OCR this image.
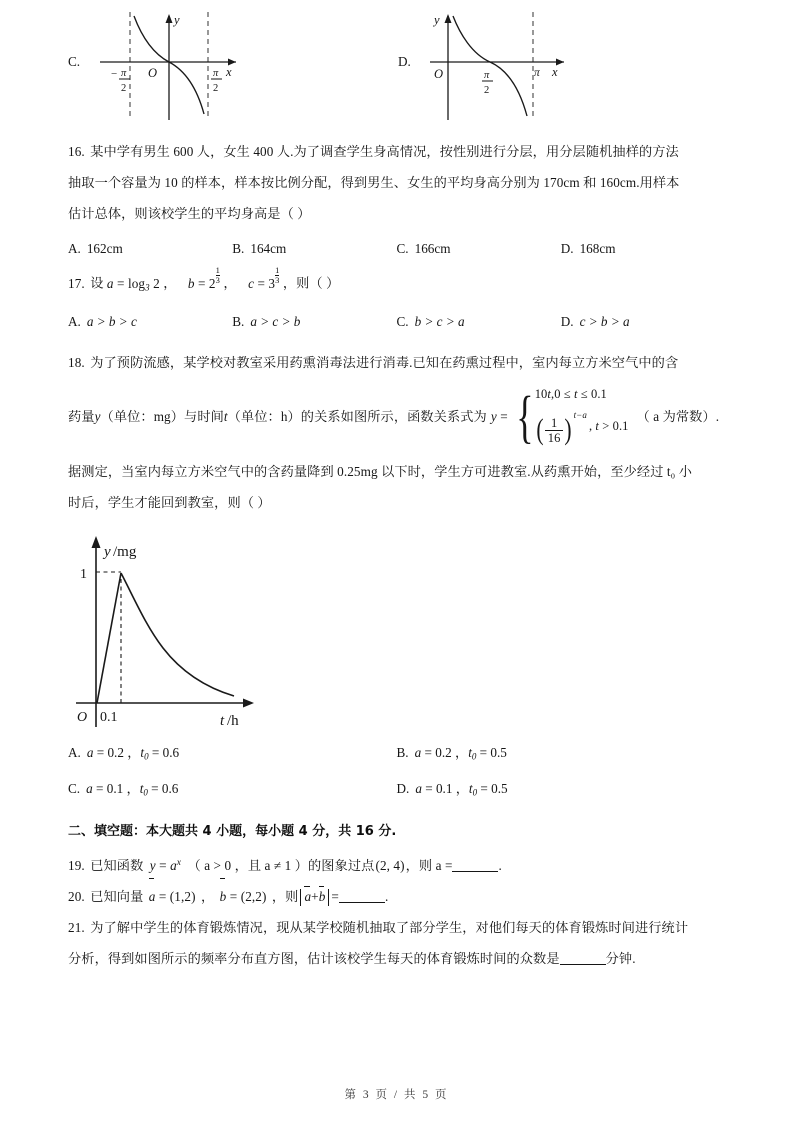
C.
y
x
O
− π
2
π
2
D.
y
x
O	π
2
π
16. 某中学有男生 600 人，女生 400 人.为了调查学生身高情况，按性别进行分层，用分层随机抽样的方法
抽取一个容量为 10 的样本，样本按比例分配，得到男生、女生的平均身高分别为 170cm 和 160cm.用样本
估计总体，则该校学生的平均身高是（ ）
A. 162cm	B. 164cm	C. 166cm	D. 168cm
17. 设 a = log3 2 ， $b = 2 \frac{1}{3}$ ， $c = 3 \frac{1}{3}$ ，则（ ）
A. a > b > c	B. a > c > b	C. b > c > a	D. c > b > a
18. 为了预防流感，某学校对教室采用药熏消毒法进行消毒.已知在药熏过程中，室内每立方米空气中的含
药量 y （单位：mg）与时间 t （单位：h）的关系如图所示，函数关系式为 y = { 10t,0 ≤ t ≤ 0.1
( $\frac{1}{16} )^{t-a}$, t > 0.1
（ a 为常数）.
据测定，当室内每立方米空气中的含药量降到 0.25mg 以下时，学生方可进教室.从药熏开始，至少经过 t₀ 小
时后，学生才能回到教室，则（ ）
y /mg
t /h
1
O 0.1
A. a = 0.2 ，t0 = 0.6	B. a = 0.2 ，t0 = 0.5
C. a = 0.1 ，t0 = 0.6	D. a = 0.1 ，t0 = 0.5
二、填空题：本大题共 4 小题，每小题 4 分，共 16 分.
19. 已知函数 $y = a^x$ （ a > 0 ，且 a ≠ 1 ）的图象过点(2, 4)，则 a =	.
20. 已知向量 a = (1,2) ， b = (2,2) ，则 a+b =	.
21. 为了解中学生的体育锻炼情况，现从某学校随机抽取了部分学生，对他们每天的体育锻炼时间进行统计
分析，得到如图所示的频率分布直方图，估计该校学生每天的体育锻炼时间的众数是	分钟.
第 3 页 / 共 5 页
